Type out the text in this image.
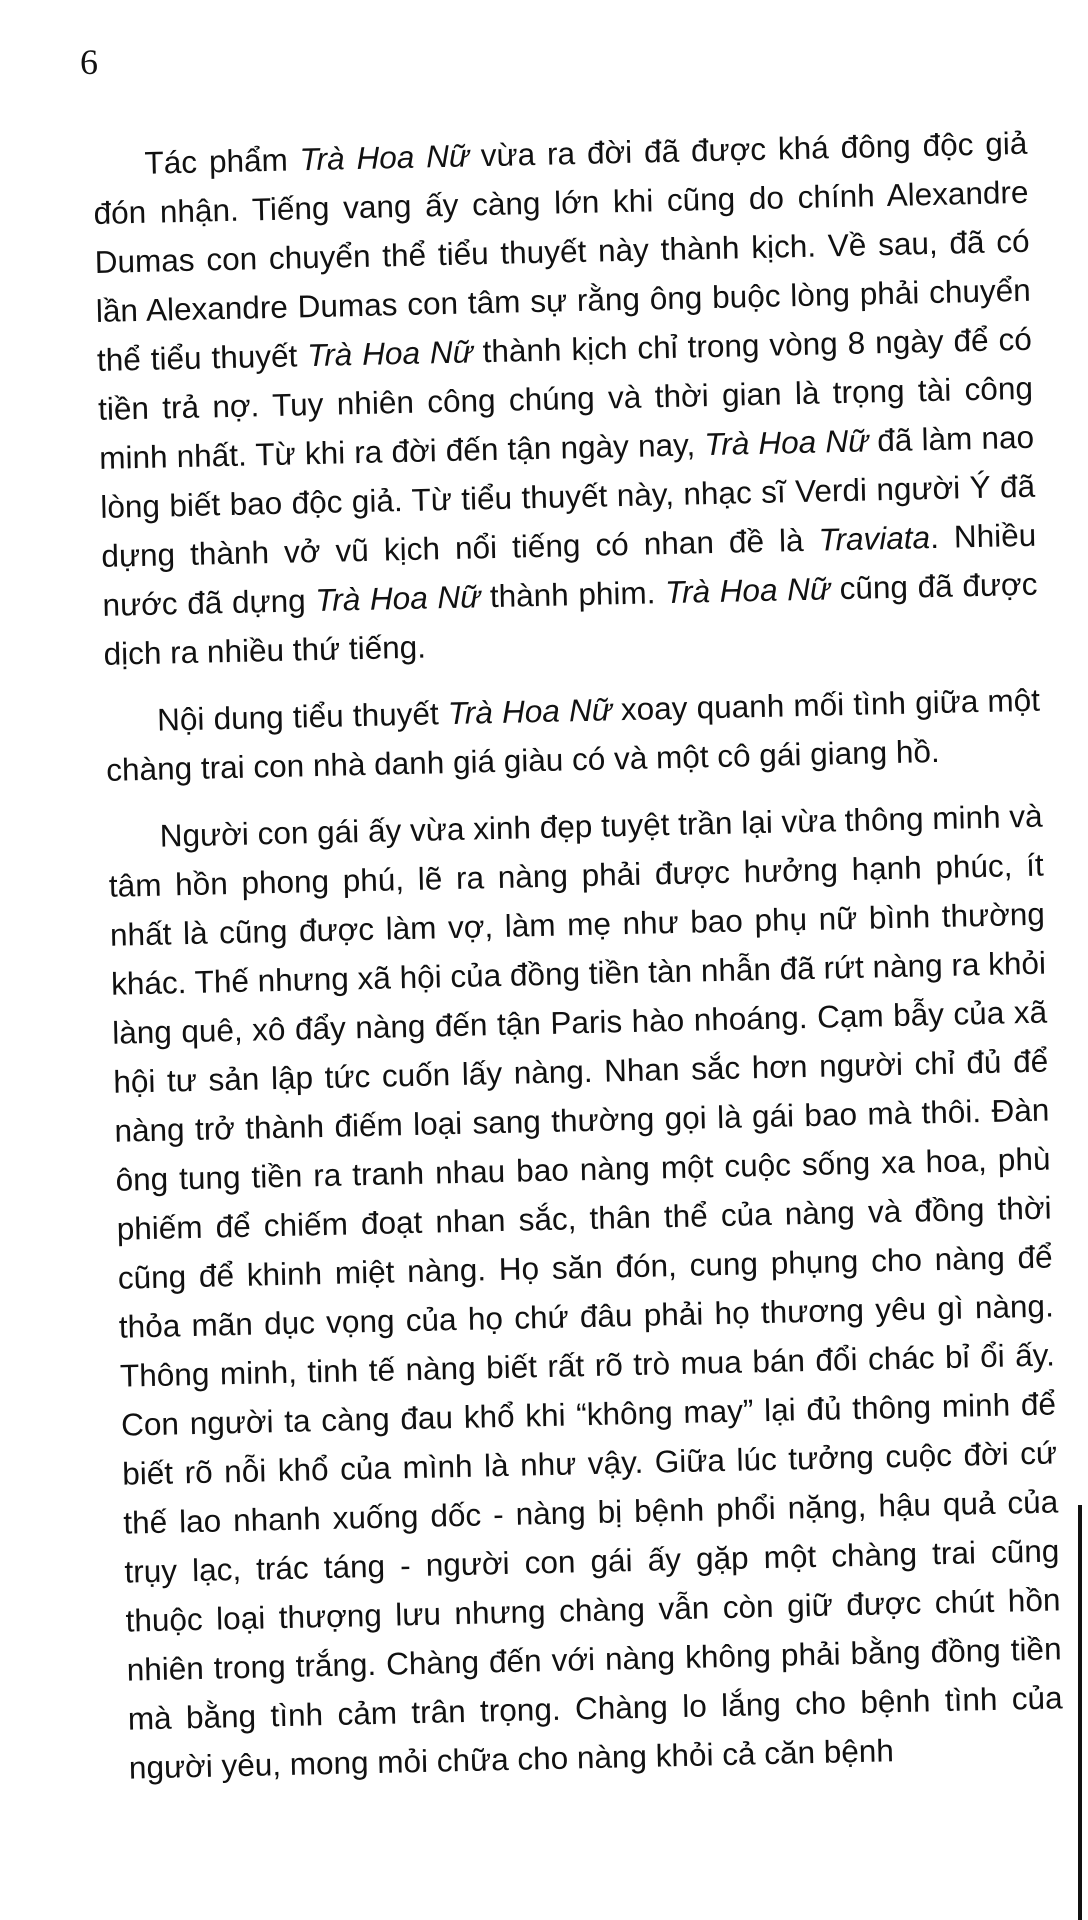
6

Tác phẩm Trà Hoa Nữ vừa ra đời đã được khá đông độc giả đón nhận. Tiếng vang ấy càng lớn khi cũng do chính Alexandre Dumas con chuyển thể tiểu thuyết này thành kịch. Về sau, đã có lần Alexandre Dumas con tâm sự rằng ông buộc lòng phải chuyển thể tiểu thuyết Trà Hoa Nữ thành kịch chỉ trong vòng 8 ngày để có tiền trả nợ. Tuy nhiên công chúng và thời gian là trọng tài công minh nhất. Từ khi ra đời đến tận ngày nay, Trà Hoa Nữ đã làm nao lòng biết bao độc giả. Từ tiểu thuyết này, nhạc sĩ Verdi người Ý đã dựng thành vở vũ kịch nổi tiếng có nhan đề là Traviata. Nhiều nước đã dựng Trà Hoa Nữ thành phim. Trà Hoa Nữ cũng đã được dịch ra nhiều thứ tiếng.

Nội dung tiểu thuyết Trà Hoa Nữ xoay quanh mối tình giữa một chàng trai con nhà danh giá giàu có và một cô gái giang hồ.

Người con gái ấy vừa xinh đẹp tuyệt trần lại vừa thông minh và tâm hồn phong phú, lẽ ra nàng phải được hưởng hạnh phúc, ít nhất là cũng được làm vợ, làm mẹ như bao phụ nữ bình thường khác. Thế nhưng xã hội của đồng tiền tàn nhẫn đã rứt nàng ra khỏi làng quê, xô đẩy nàng đến tận Paris hào nhoáng. Cạm bẫy của xã hội tư sản lập tức cuốn lấy nàng. Nhan sắc hơn người chỉ đủ để nàng trở thành điếm loại sang thường gọi là gái bao mà thôi. Đàn ông tung tiền ra tranh nhau bao nàng một cuộc sống xa hoa, phù phiếm để chiếm đoạt nhan sắc, thân thể của nàng và đồng thời cũng để khinh miệt nàng. Họ săn đón, cung phụng cho nàng để thỏa mãn dục vọng của họ chứ đâu phải họ thương yêu gì nàng. Thông minh, tinh tế nàng biết rất rõ trò mua bán đổi chác bỉ ổi ấy. Con người ta càng đau khổ khi “không may” lại đủ thông minh để biết rõ nỗi khổ của mình là như vậy. Giữa lúc tưởng cuộc đời cứ thế lao nhanh xuống dốc - nàng bị bệnh phổi nặng, hậu quả của trụy lạc, trác táng - người con gái ấy gặp một chàng trai cũng thuộc loại thượng lưu nhưng chàng vẫn còn giữ được chút hồn nhiên trong trắng. Chàng đến với nàng không phải bằng đồng tiền mà bằng tình cảm trân trọng. Chàng lo lắng cho bệnh tình của người yêu, mong mỏi chữa cho nàng khỏi cả căn bệnh
